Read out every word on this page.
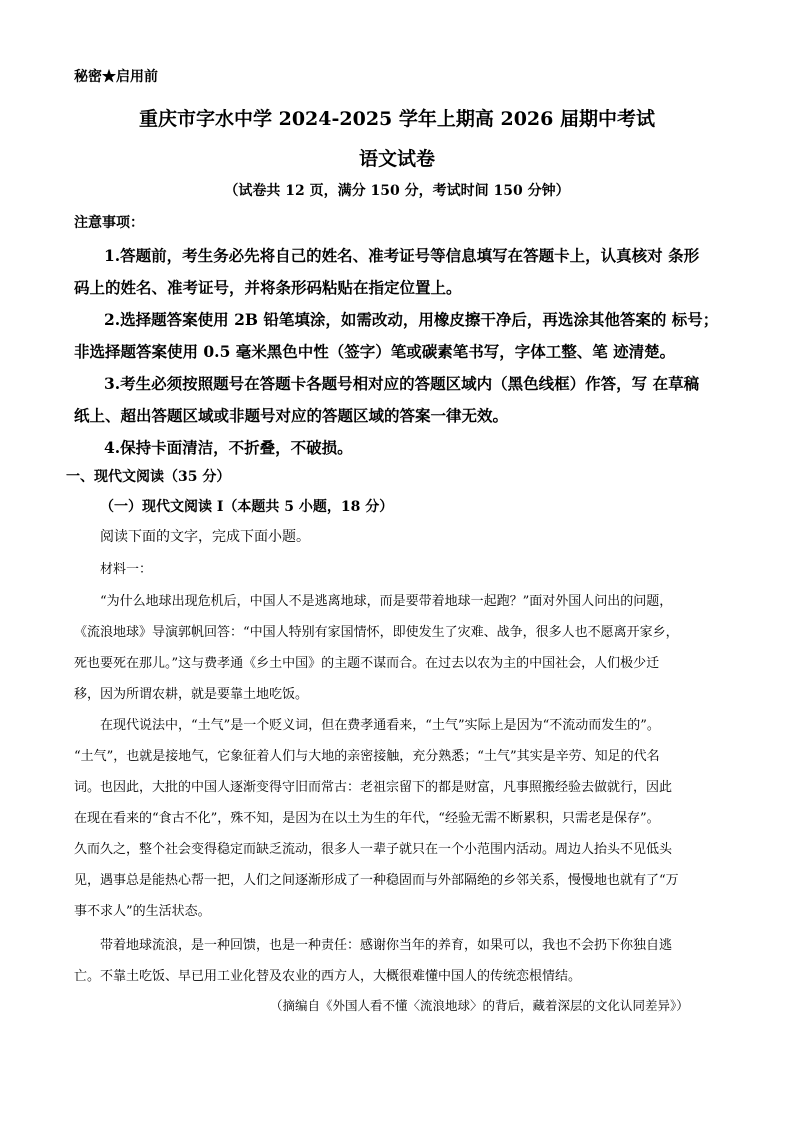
秘密★启用前
重庆市字水中学 2024-2025 学年上期高 2026 届期中考试
语文试卷
（试卷共 12 页，满分 150 分，考试时间 150 分钟）
注意事项：
1.答题前，考生务必先将自己的姓名、准考证号等信息填写在答题卡上，认真核对 条形
码上的姓名、准考证号，并将条形码粘贴在指定位置上。
2.选择题答案使用 2B 铅笔填涂，如需改动，用橡皮擦干净后，再选涂其他答案的 标号；
非选择题答案使用 0.5 毫米黑色中性（签字）笔或碳素笔书写，字体工整、笔 迹清楚。
3.考生必须按照题号在答题卡各题号相对应的答题区域内（黑色线框）作答，写 在草稿
纸上、超出答题区域或非题号对应的答题区域的答案一律无效。
4.保持卡面清洁，不折叠，不破损。
一、现代文阅读（35 分）
（一）现代文阅读 I（本题共 5 小题，18 分）
阅读下面的文字，完成下面小题。
材料一：
“为什么地球出现危机后，中国人不是逃离地球，而是要带着地球一起跑？”面对外国人问出的问题，
《流浪地球》导演郭帆回答：“中国人特别有家国情怀，即使发生了灾难、战争，很多人也不愿离开家乡，
死也要死在那儿。”这与费孝通《乡土中国》的主题不谋而合。在过去以农为主的中国社会，人们极少迁
移，因为所谓农耕，就是要靠土地吃饭。
在现代说法中，“土气”是一个贬义词，但在费孝通看来，“土气”实际上是因为“不流动而发生的”。
“土气”，也就是接地气，它象征着人们与大地的亲密接触，充分熟悉；“土气”其实是辛劳、知足的代名
词。也因此，大批的中国人逐渐变得守旧而常古：老祖宗留下的都是财富，凡事照搬经验去做就行，因此
在现在看来的“食古不化”，殊不知，是因为在以土为生的年代，“经验无需不断累积，只需老是保存”。
久而久之，整个社会变得稳定而缺乏流动，很多人一辈子就只在一个小范围内活动。周边人抬头不见低头
见，遇事总是能热心帮一把，人们之间逐渐形成了一种稳固而与外部隔绝的乡邻关系，慢慢地也就有了“万
事不求人”的生活状态。
带着地球流浪，是一种回馈，也是一种责任：感谢你当年的养育，如果可以，我也不会扔下你独自逃
亡。不靠土吃饭、早已用工业化替及农业的西方人，大概很难懂中国人的传统恋根情结。
（摘编自《外国人看不懂〈流浪地球〉的背后，藏着深层的文化认同差异》）
